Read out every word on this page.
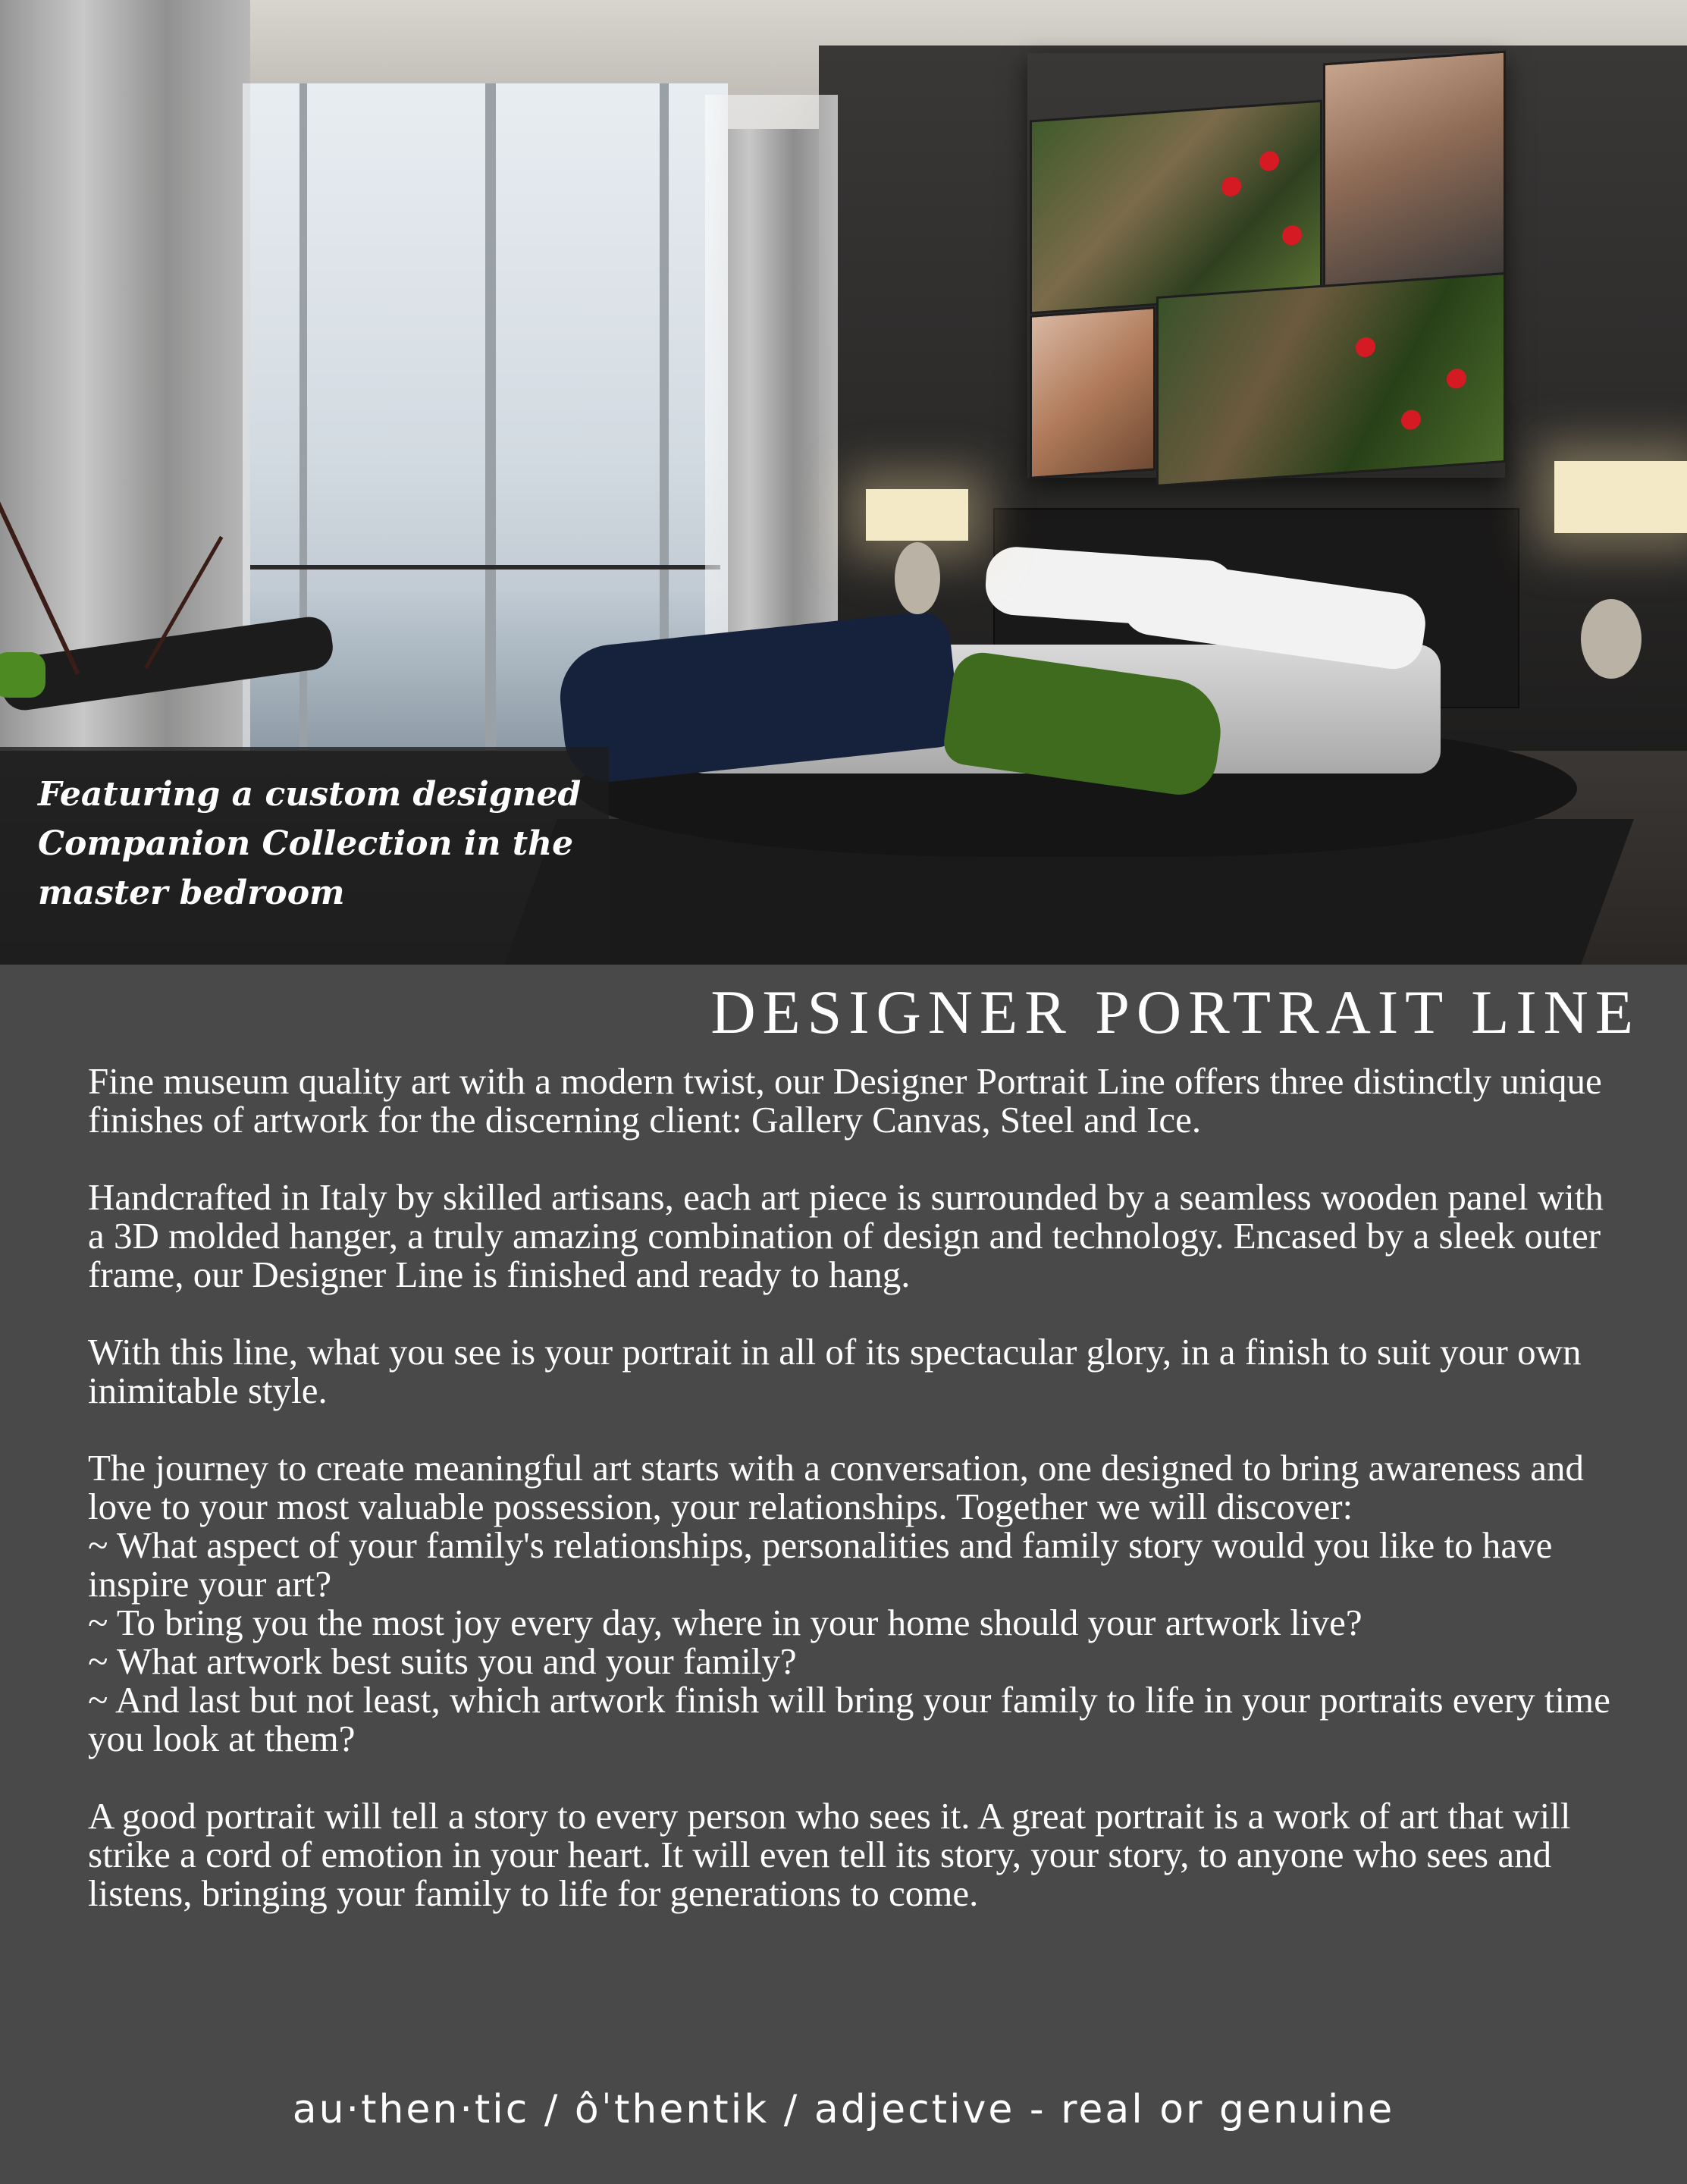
Featuring a custom designed Companion Collection in the master bedroom
DESIGNER PORTRAIT LINE

Fine museum quality art with a modern twist, our Designer Portrait Line offers three distinctly unique finishes of artwork for the discerning client: Gallery Canvas, Steel and Ice.

Handcrafted in Italy by skilled artisans, each art piece is surrounded by a seamless wooden panel with a 3D molded hanger, a truly amazing combination of design and technology. Encased by a sleek outer frame, our Designer Line is finished and ready to hang.

With this line, what you see is your portrait in all of its spectacular glory, in a finish to suit your own inimitable style.

The journey to create meaningful art starts with a conversation, one designed to bring awareness and love to your most valuable possession, your relationships. Together we will discover:

~ What aspect of your family's relationships, personalities and family story would you like to have inspire your art?

~ To bring you the most joy every day, where in your home should your artwork live?

~ What artwork best suits you and your family?

~ And last but not least, which artwork finish will bring your family to life in your portraits every time you look at them?

A good portrait will tell a story to every person who sees it. A great portrait is a work of art that will strike a cord of emotion in your heart. It will even tell its story, your story, to anyone who sees and listens, bringing your family to life for generations to come.

au·then·tic / ôˈthentik / adjective - real or genuine
